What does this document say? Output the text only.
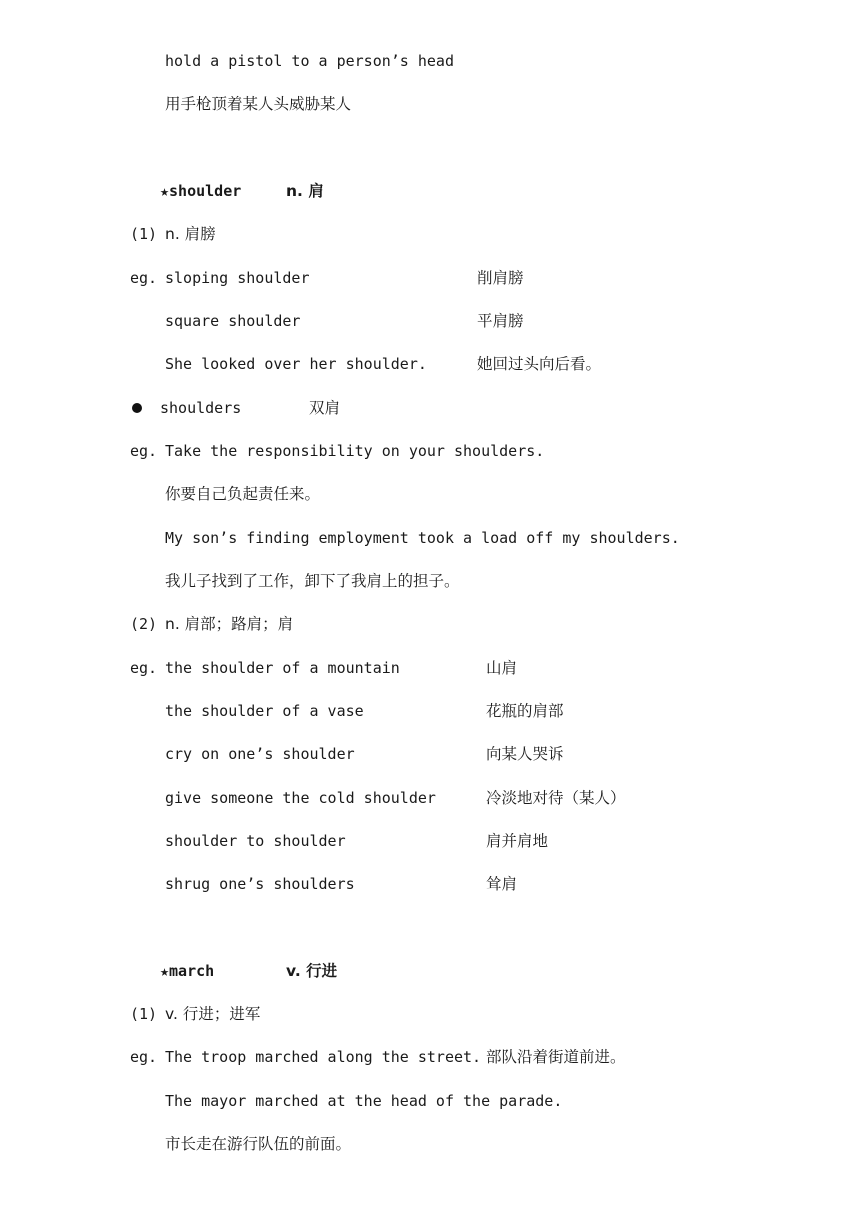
hold a pistol to a person’s head
用手枪顶着某人头威胁某人
★shoulder	n. 肩
(1) n. 肩膀
eg. sloping shoulder	削肩膀
square shoulder	平肩膀
She looked over her shoulder.	她回过头向后看。
shoulders	双肩
eg. Take the responsibility on your shoulders.
你要自己负起责任来。
My son’s finding employment took a load off my shoulders.
我儿子找到了工作，卸下了我肩上的担子。
(2) n. 肩部；路肩；肩
eg. the shoulder of a mountain	山肩
the shoulder of a vase	花瓶的肩部
cry on one’s shoulder	向某人哭诉
give someone the cold shoulder	冷淡地对待（某人）
shoulder to shoulder	肩并肩地
shrug one’s shoulders	耸肩
★march	v. 行进
(1) v. 行进；进军
eg. The troop marched along the street. 部队沿着街道前进。
The mayor marched at the head of the parade.
市长走在游行队伍的前面。
